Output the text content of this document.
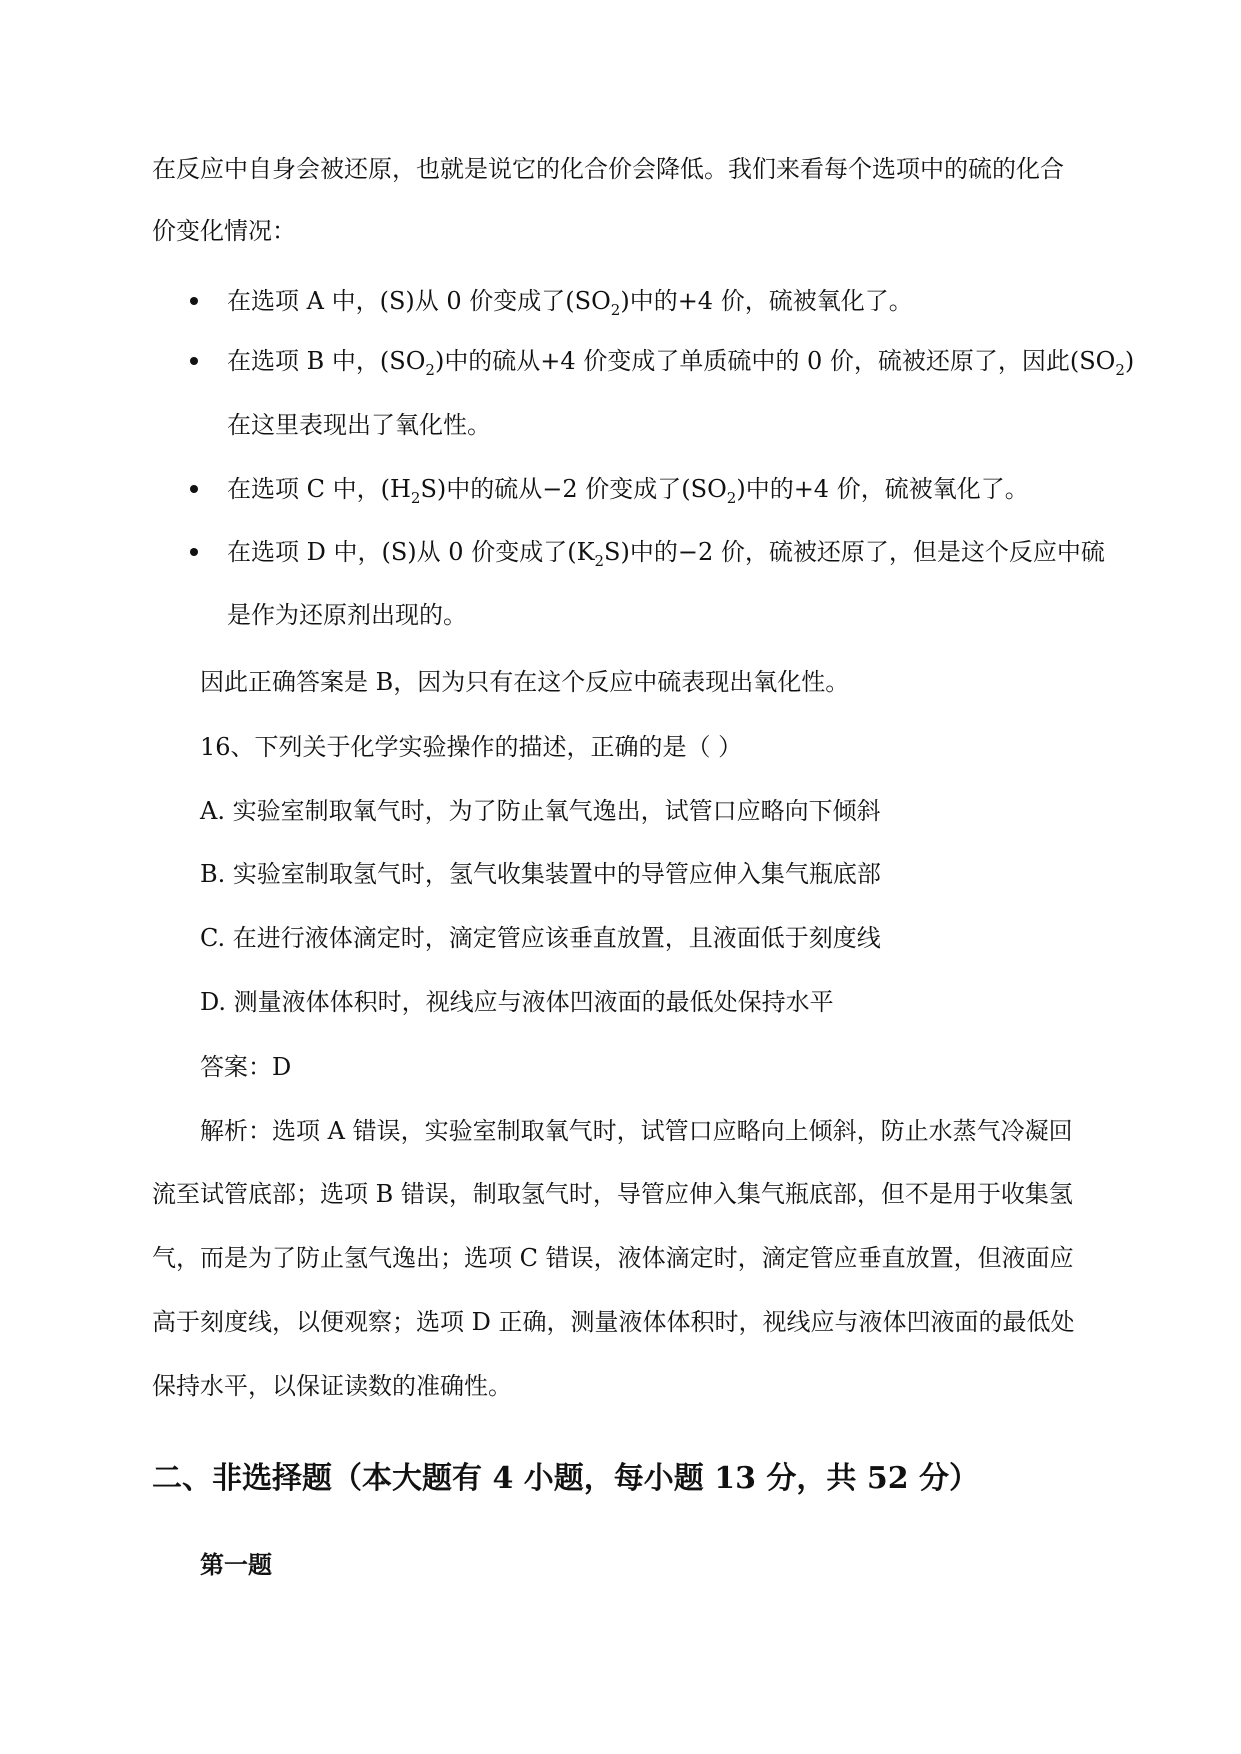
在反应中自身会被还原，也就是说它的化合价会降低。我们来看每个选项中的硫的化合
价变化情况：
在选项 A 中，(S)从 0 价变成了$(SO_2)$中的+4 价，硫被氧化了。
在选项 B 中，$(SO_2)$中的硫从+4 价变成了单质硫中的 0 价，硫被还原了，因此$(SO_2)$
在这里表现出了氧化性。
在选项 C 中，$(H_2S)$中的硫从−2 价变成了$(SO_2)$中的+4 价，硫被氧化了。
在选项 D 中，(S)从 0 价变成了$(K_2S)$中的−2 价，硫被还原了，但是这个反应中硫
是作为还原剂出现的。
因此正确答案是 B，因为只有在这个反应中硫表现出氧化性。
16、下列关于化学实验操作的描述，正确的是（ ）
A. 实验室制取氧气时，为了防止氧气逸出，试管口应略向下倾斜
B. 实验室制取氢气时，氢气收集装置中的导管应伸入集气瓶底部
C. 在进行液体滴定时，滴定管应该垂直放置，且液面低于刻度线
D. 测量液体体积时，视线应与液体凹液面的最低处保持水平
答案：D
解析：选项 A 错误，实验室制取氧气时，试管口应略向上倾斜，防止水蒸气冷凝回
流至试管底部；选项 B 错误，制取氢气时，导管应伸入集气瓶底部，但不是用于收集氢
气，而是为了防止氢气逸出；选项 C 错误，液体滴定时，滴定管应垂直放置，但液面应
高于刻度线，以便观察；选项 D 正确，测量液体体积时，视线应与液体凹液面的最低处
保持水平，以保证读数的准确性。
二、非选择题（本大题有 4 小题，每小题 13 分，共 52 分）
第一题
